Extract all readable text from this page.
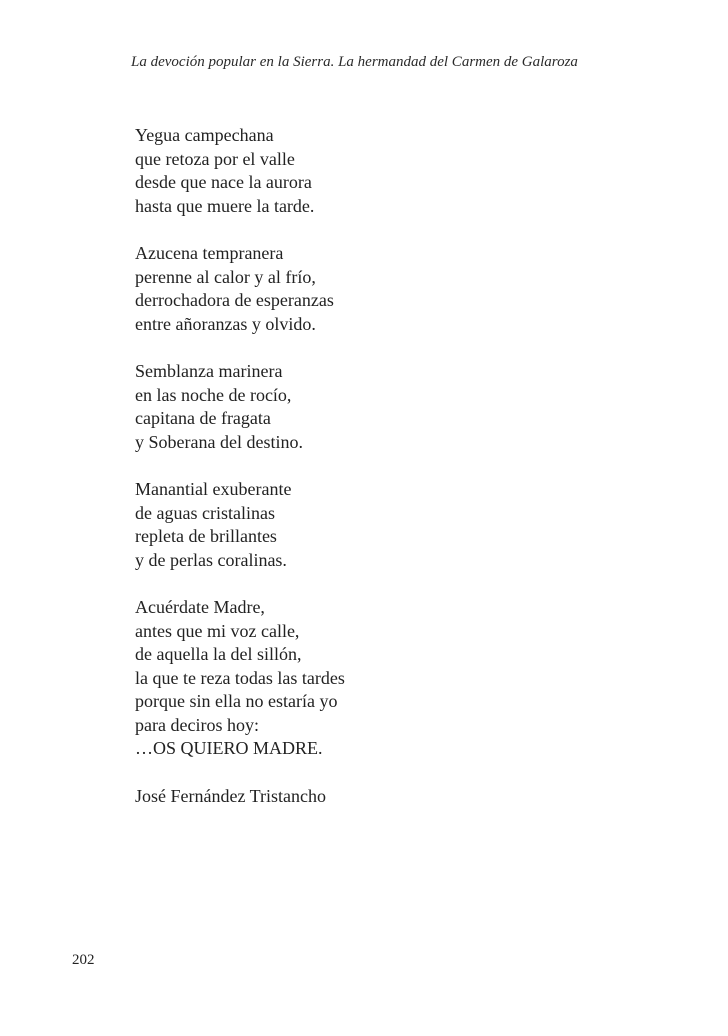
La devoción popular en la Sierra. La hermandad del Carmen de Galaroza
Yegua campechana
que retoza por el valle
desde que nace la aurora
hasta que muere la tarde.
Azucena tempranera
perenne al calor y al frío,
derrochadora de esperanzas
entre añoranzas y olvido.
Semblanza marinera
en las noche de rocío,
capitana de fragata
y Soberana del destino.
Manantial exuberante
de aguas cristalinas
repleta de brillantes
y de perlas coralinas.
Acuérdate Madre,
antes que mi voz calle,
de aquella la del sillón,
la que te reza todas las tardes
porque sin ella no estaría yo
para deciros hoy:
…OS QUIERO MADRE.
José Fernández Tristancho
202
